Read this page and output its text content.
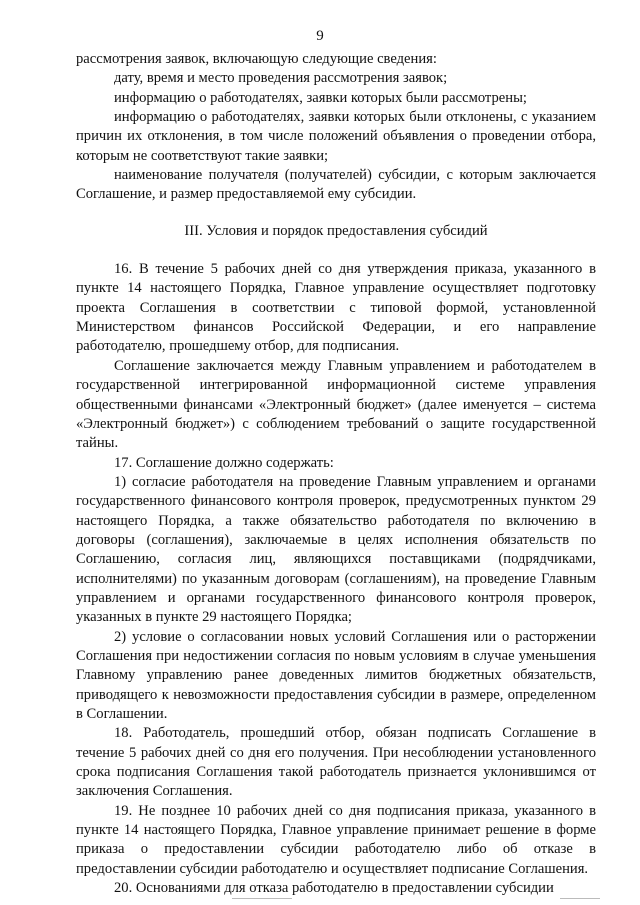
9

рассмотрения заявок, включающую следующие сведения:

дату, время и место проведения рассмотрения заявок;

информацию о работодателях, заявки которых были рассмотрены;

информацию о работодателях, заявки которых были отклонены, с указанием причин их отклонения, в том числе положений объявления о проведении отбора, которым не соответствуют такие заявки;

наименование получателя (получателей) субсидии, с которым заключается Соглашение, и размер предоставляемой ему субсидии.

III. Условия и порядок предоставления субсидий

16. В течение 5 рабочих дней со дня утверждения приказа, указанного в пункте 14 настоящего Порядка, Главное управление осуществляет подготовку проекта Соглашения в соответствии с типовой формой, установленной Министерством финансов Российской Федерации, и его направление работодателю, прошедшему отбор, для подписания.

Соглашение заключается между Главным управлением и работодателем в государственной интегрированной информационной системе управления общественными финансами «Электронный бюджет» (далее именуется – система «Электронный бюджет») с соблюдением требований о защите государственной тайны.

17. Соглашение должно содержать:

1) согласие работодателя на проведение Главным управлением и органами государственного финансового контроля проверок, предусмотренных пунктом 29 настоящего Порядка, а также обязательство работодателя по включению в договоры (соглашения), заключаемые в целях исполнения обязательств по Соглашению, согласия лиц, являющихся поставщиками (подрядчиками, исполнителями) по указанным договорам (соглашениям), на проведение Главным управлением и органами государственного финансового контроля проверок, указанных в пункте 29 настоящего Порядка;

2) условие о согласовании новых условий Соглашения или о расторжении Соглашения при недостижении согласия по новым условиям в случае уменьшения Главному управлению ранее доведенных лимитов бюджетных обязательств, приводящего к невозможности предоставления субсидии в размере, определенном в Соглашении.

18. Работодатель, прошедший отбор, обязан подписать Соглашение в течение 5 рабочих дней со дня его получения. При несоблюдении установленного срока подписания Соглашения такой работодатель признается уклонившимся от заключения Соглашения.

19. Не позднее 10 рабочих дней со дня подписания приказа, указанного в пункте 14 настоящего Порядка, Главное управление принимает решение в форме приказа о предоставлении субсидии работодателю либо об отказе в предоставлении субсидии работодателю и осуществляет подписание Соглашения.

20. Основаниями для отказа работодателю в предоставлении субсидии
